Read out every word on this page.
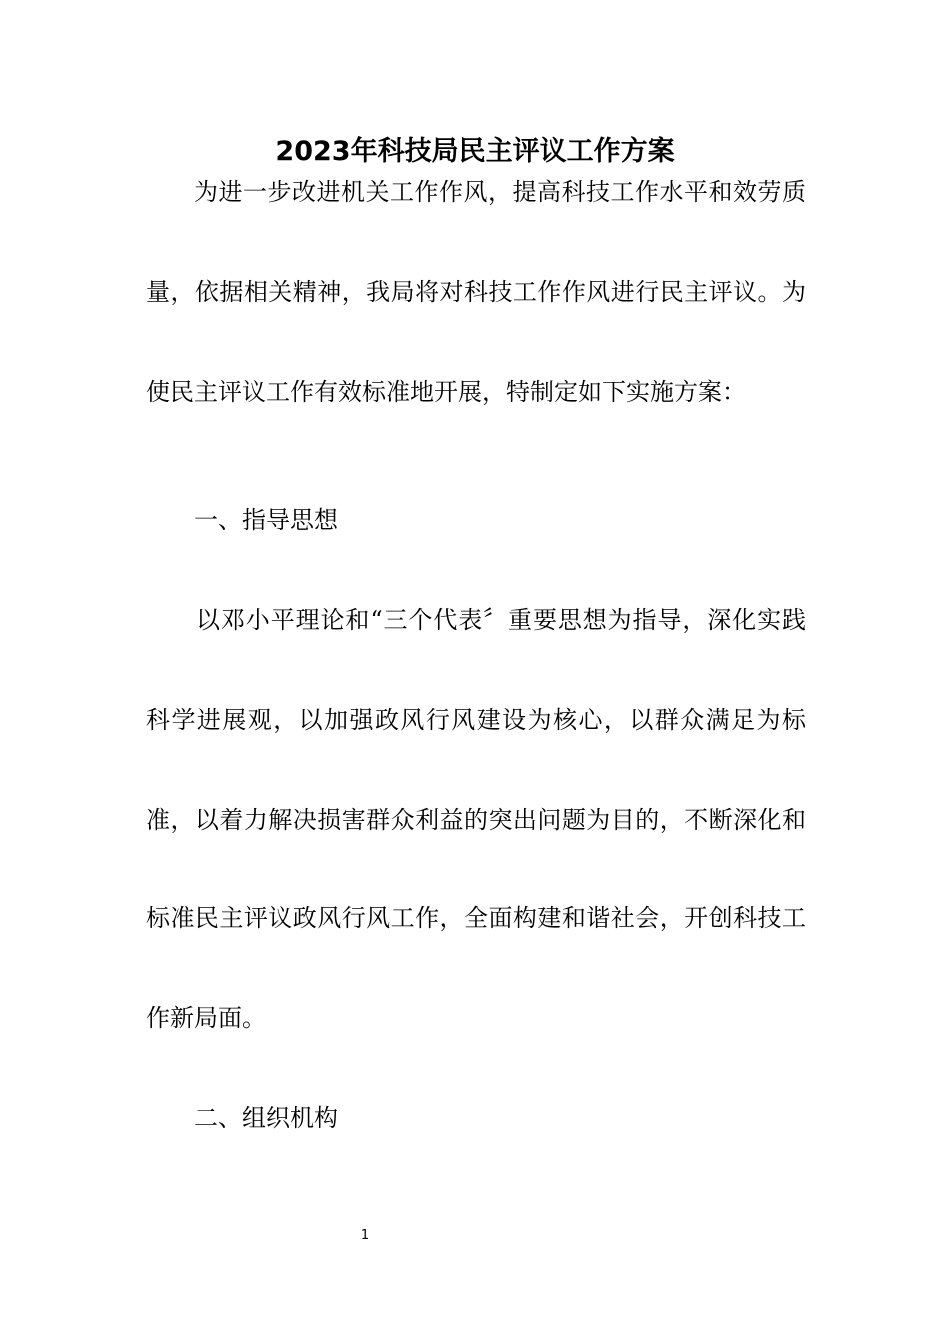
2023年科技局民主评议工作方案
为进一步改进机关工作作风，提高科技工作水平和效劳质
量，依据相关精神，我局将对科技工作作风进行民主评议。为
使民主评议工作有效标准地开展，特制定如下实施方案：
一、指导思想
以邓小平理论和“三个代表〞重要思想为指导，深化实践
科学进展观，以加强政风行风建设为核心，以群众满足为标
准，以着力解决损害群众利益的突出问题为目的，不断深化和
标准民主评议政风行风工作，全面构建和谐社会，开创科技工
作新局面。
二、组织机构
1
